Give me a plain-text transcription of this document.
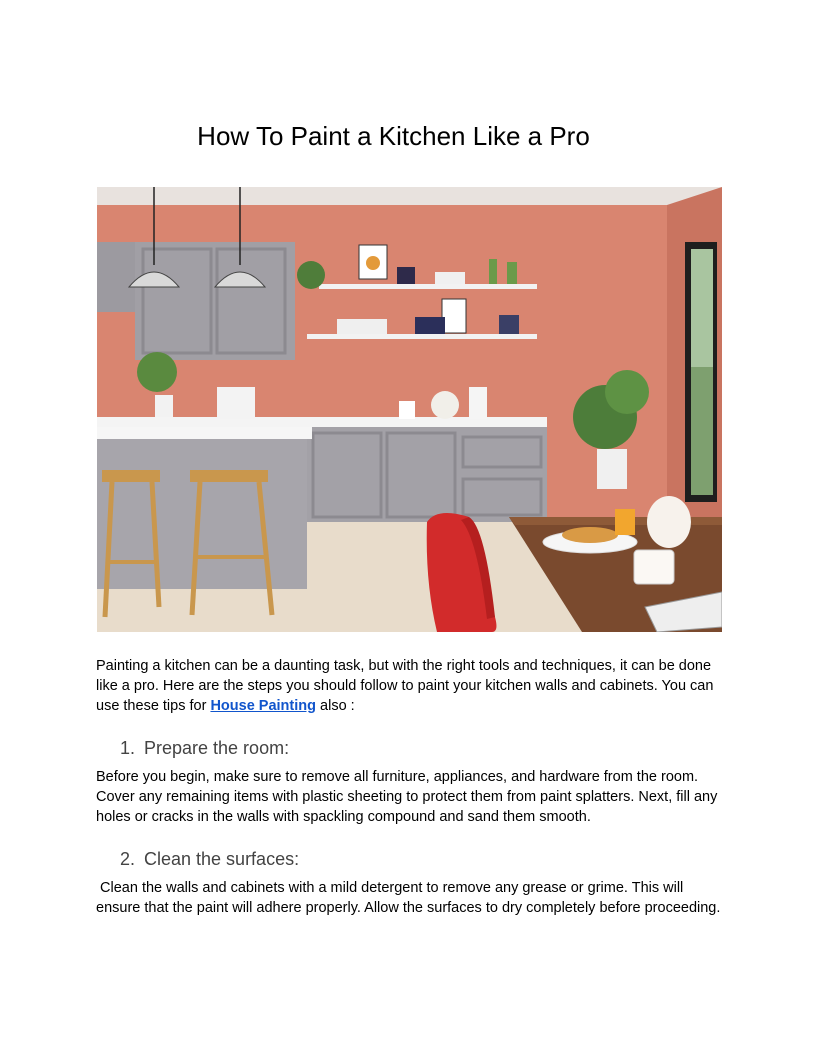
How To Paint a Kitchen Like a Pro

Painting a kitchen can be a daunting task, but with the right tools and techniques, it can be done like a pro. Here are the steps you should follow to paint your kitchen walls and cabinets. You can use these tips for House Painting also :

1. Prepare the room:

Before you begin, make sure to remove all furniture, appliances, and hardware from the room. Cover any remaining items with plastic sheeting to protect them from paint splatters. Next, fill any holes or cracks in the walls with spackling compound and sand them smooth.

2. Clean the surfaces:

Clean the walls and cabinets with a mild detergent to remove any grease or grime. This will ensure that the paint will adhere properly. Allow the surfaces to dry completely before proceeding.
